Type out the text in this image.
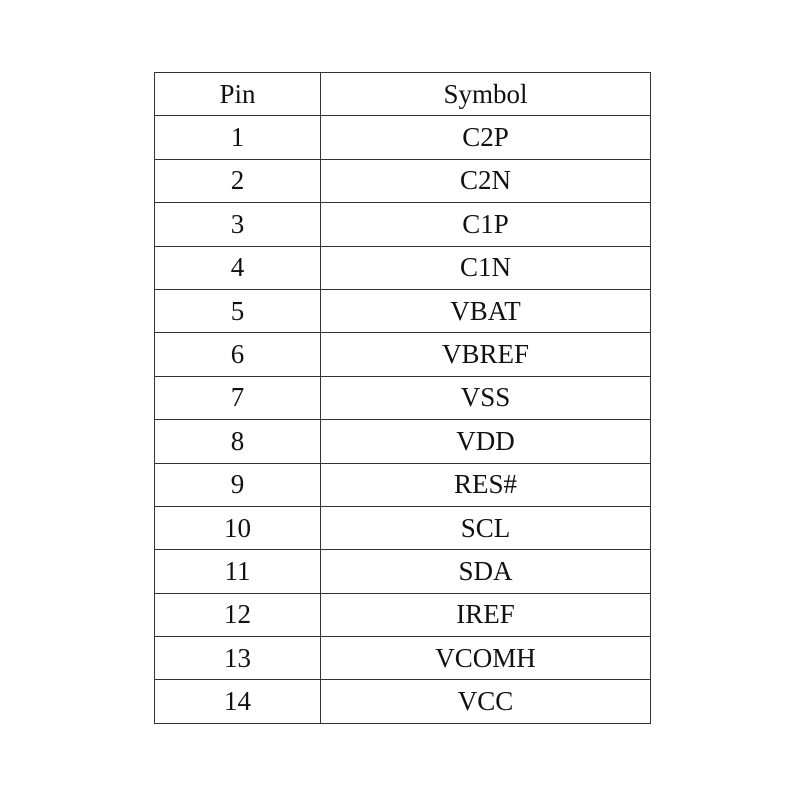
Pin	Symbol
1	C2P
2	C2N
3	C1P
4	C1N
5	VBAT
6	VBREF
7	VSS
8	VDD
9	RES#
10	SCL
11	SDA
12	IREF
13	VCOMH
14	VCC
